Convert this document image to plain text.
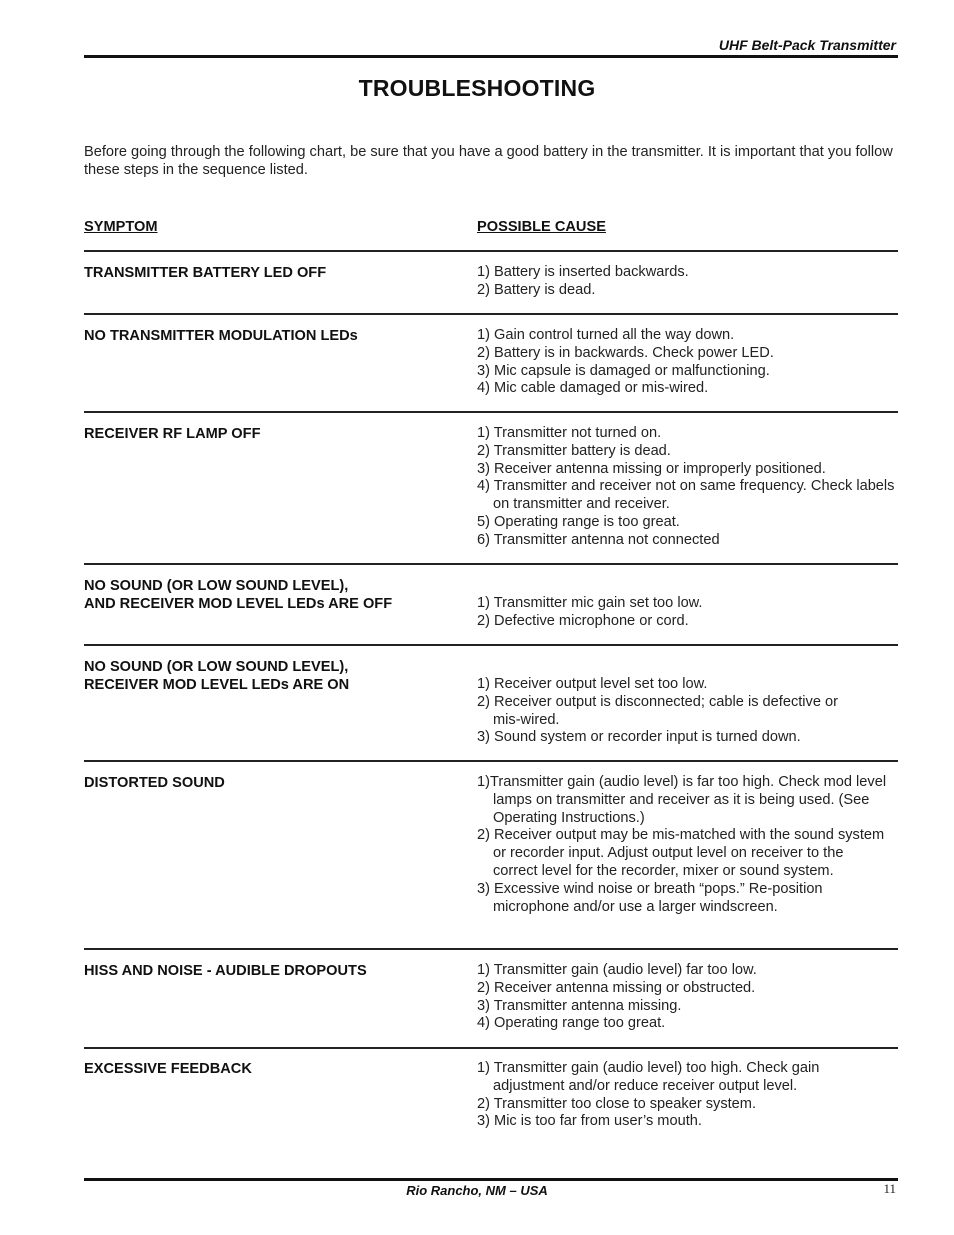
UHF Belt-Pack Transmitter
TROUBLESHOOTING
Before going through the following chart, be sure that you have a good battery in the transmitter. It is important that you follow these steps in the sequence listed.
SYMPTOM	POSSIBLE CAUSE
TRANSMITTER BATTERY LED OFF	1) Battery is inserted backwards.
2) Battery is dead.
NO TRANSMITTER MODULATION LEDs	1) Gain control turned all the way down.
2) Battery is in backwards. Check power LED.
3) Mic capsule is damaged or malfunctioning.
4) Mic cable damaged or mis-wired.
RECEIVER RF LAMP OFF	1) Transmitter not turned on.
2) Transmitter battery is dead.
3) Receiver antenna missing or improperly positioned.
4) Transmitter and receiver not on same frequency. Check labels on transmitter and receiver.
5) Operating range is too great.
6) Transmitter antenna not connected
NO SOUND (OR LOW SOUND LEVEL),
AND RECEIVER MOD LEVEL LEDs ARE OFF	1) Transmitter mic gain set too low.
2) Defective microphone or cord.
NO SOUND (OR LOW SOUND LEVEL),
RECEIVER MOD LEVEL LEDs ARE ON	1) Receiver output level set too low.
2) Receiver output is disconnected; cable is defective or mis-wired.
3) Sound system or recorder input is turned down.
DISTORTED SOUND	1)Transmitter gain (audio level) is far too high. Check mod level lamps on transmitter and receiver as it is being used. (See Operating Instructions.)
2) Receiver output may be mis-matched with the sound system or recorder input. Adjust output level on receiver to the correct level for the recorder, mixer or sound system.
3) Excessive wind noise or breath “pops.” Re-position microphone and/or use a larger windscreen.
HISS AND NOISE - AUDIBLE DROPOUTS	1) Transmitter gain (audio level) far too low.
2) Receiver antenna missing or obstructed.
3) Transmitter antenna missing.
4) Operating range too great.
EXCESSIVE FEEDBACK	1) Transmitter gain (audio level) too high. Check gain adjustment and/or reduce receiver output level.
2) Transmitter too close to speaker system.
3) Mic is too far from user’s mouth.
Rio Rancho, NM – USA	11
